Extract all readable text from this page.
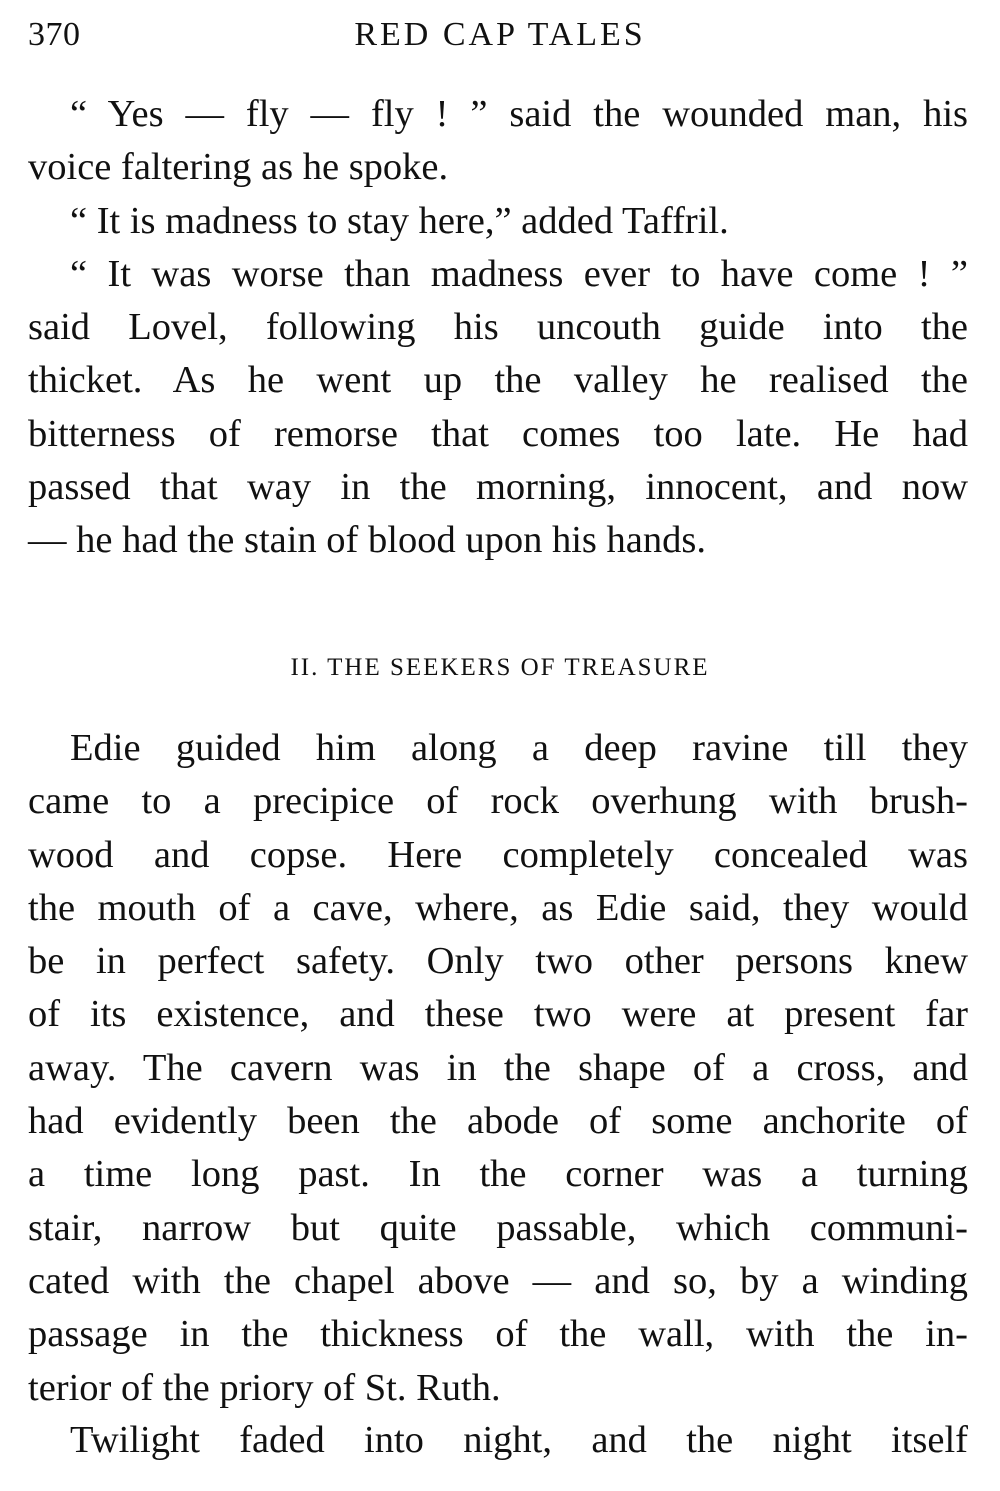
370	RED CAP TALES
“ Yes — fly — fly ! ” said the wounded man, his
voice faltering as he spoke.
“ It is madness to stay here,” added Taffril.
“ It was worse than madness ever to have come ! ”
said Lovel, following his uncouth guide into the
thicket. As he went up the valley he realised the
bitterness of remorse that comes too late. He had
passed that way in the morning, innocent, and now
— he had the stain of blood upon his hands.
II. THE SEEKERS OF TREASURE
Edie guided him along a deep ravine till they
came to a precipice of rock overhung with brush-
wood and copse. Here completely concealed was
the mouth of a cave, where, as Edie said, they would
be in perfect safety. Only two other persons knew
of its existence, and these two were at present far
away. The cavern was in the shape of a cross, and
had evidently been the abode of some anchorite of
a time long past. In the corner was a turning
stair, narrow but quite passable, which communi-
cated with the chapel above — and so, by a winding
passage in the thickness of the wall, with the in-
terior of the priory of St. Ruth.
Twilight faded into night, and the night itself
